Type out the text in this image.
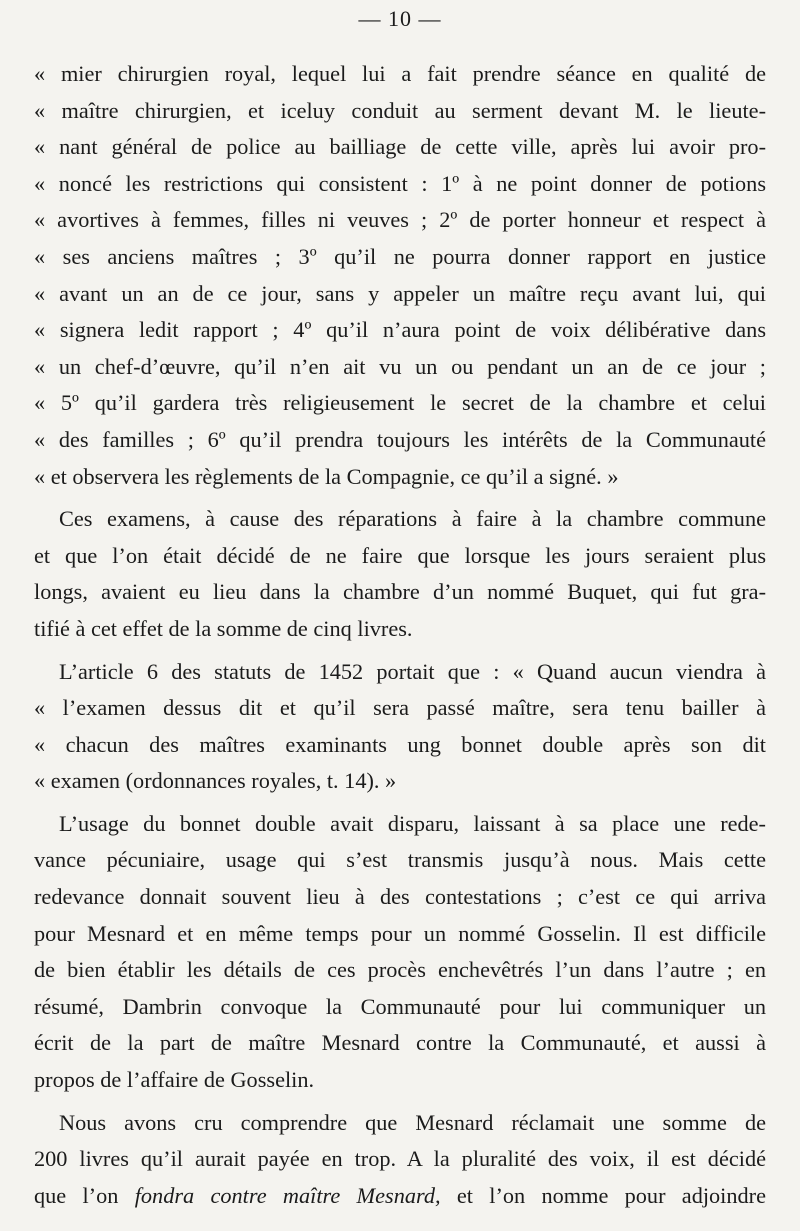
— 10 —
« mier chirurgien royal, lequel lui a fait prendre séance en qualité de
« maître chirurgien, et iceluy conduit au serment devant M. le lieute-
« nant général de police au bailliage de cette ville, après lui avoir pro-
« noncé les restrictions qui consistent : 1º à ne point donner de potions
« avortives à femmes, filles ni veuves ; 2º de porter honneur et respect à
« ses anciens maîtres ; 3º qu’il ne pourra donner rapport en justice
« avant un an de ce jour, sans y appeler un maître reçu avant lui, qui
« signera ledit rapport ; 4º qu’il n’aura point de voix délibérative dans
« un chef-d’œuvre, qu’il n’en ait vu un ou pendant un an de ce jour ;
« 5º qu’il gardera très religieusement le secret de la chambre et celui
« des familles ; 6º qu’il prendra toujours les intérêts de la Communauté
« et observera les règlements de la Compagnie, ce qu’il a signé. »
Ces examens, à cause des réparations à faire à la chambre commune
et que l’on était décidé de ne faire que lorsque les jours seraient plus
longs, avaient eu lieu dans la chambre d’un nommé Buquet, qui fut gra-
tifié à cet effet de la somme de cinq livres.
L’article 6 des statuts de 1452 portait que : « Quand aucun viendra à
« l’examen dessus dit et qu’il sera passé maître, sera tenu bailler à
« chacun des maîtres examinants ung bonnet double après son dit
« examen (ordonnances royales, t. 14). »
L’usage du bonnet double avait disparu, laissant à sa place une rede-
vance pécuniaire, usage qui s’est transmis jusqu’à nous. Mais cette
redevance donnait souvent lieu à des contestations ; c’est ce qui arriva
pour Mesnard et en même temps pour un nommé Gosselin. Il est difficile
de bien établir les détails de ces procès enchevêtrés l’un dans l’autre ; en
résumé, Dambrin convoque la Communauté pour lui communiquer un
écrit de la part de maître Mesnard contre la Communauté, et aussi à
propos de l’affaire de Gosselin.
Nous avons cru comprendre que Mesnard réclamait une somme de
200 livres qu’il aurait payée en trop. A la pluralité des voix, il est décidé
que l’on fondra contre maître Mesnard, et l’on nomme pour adjoindre
